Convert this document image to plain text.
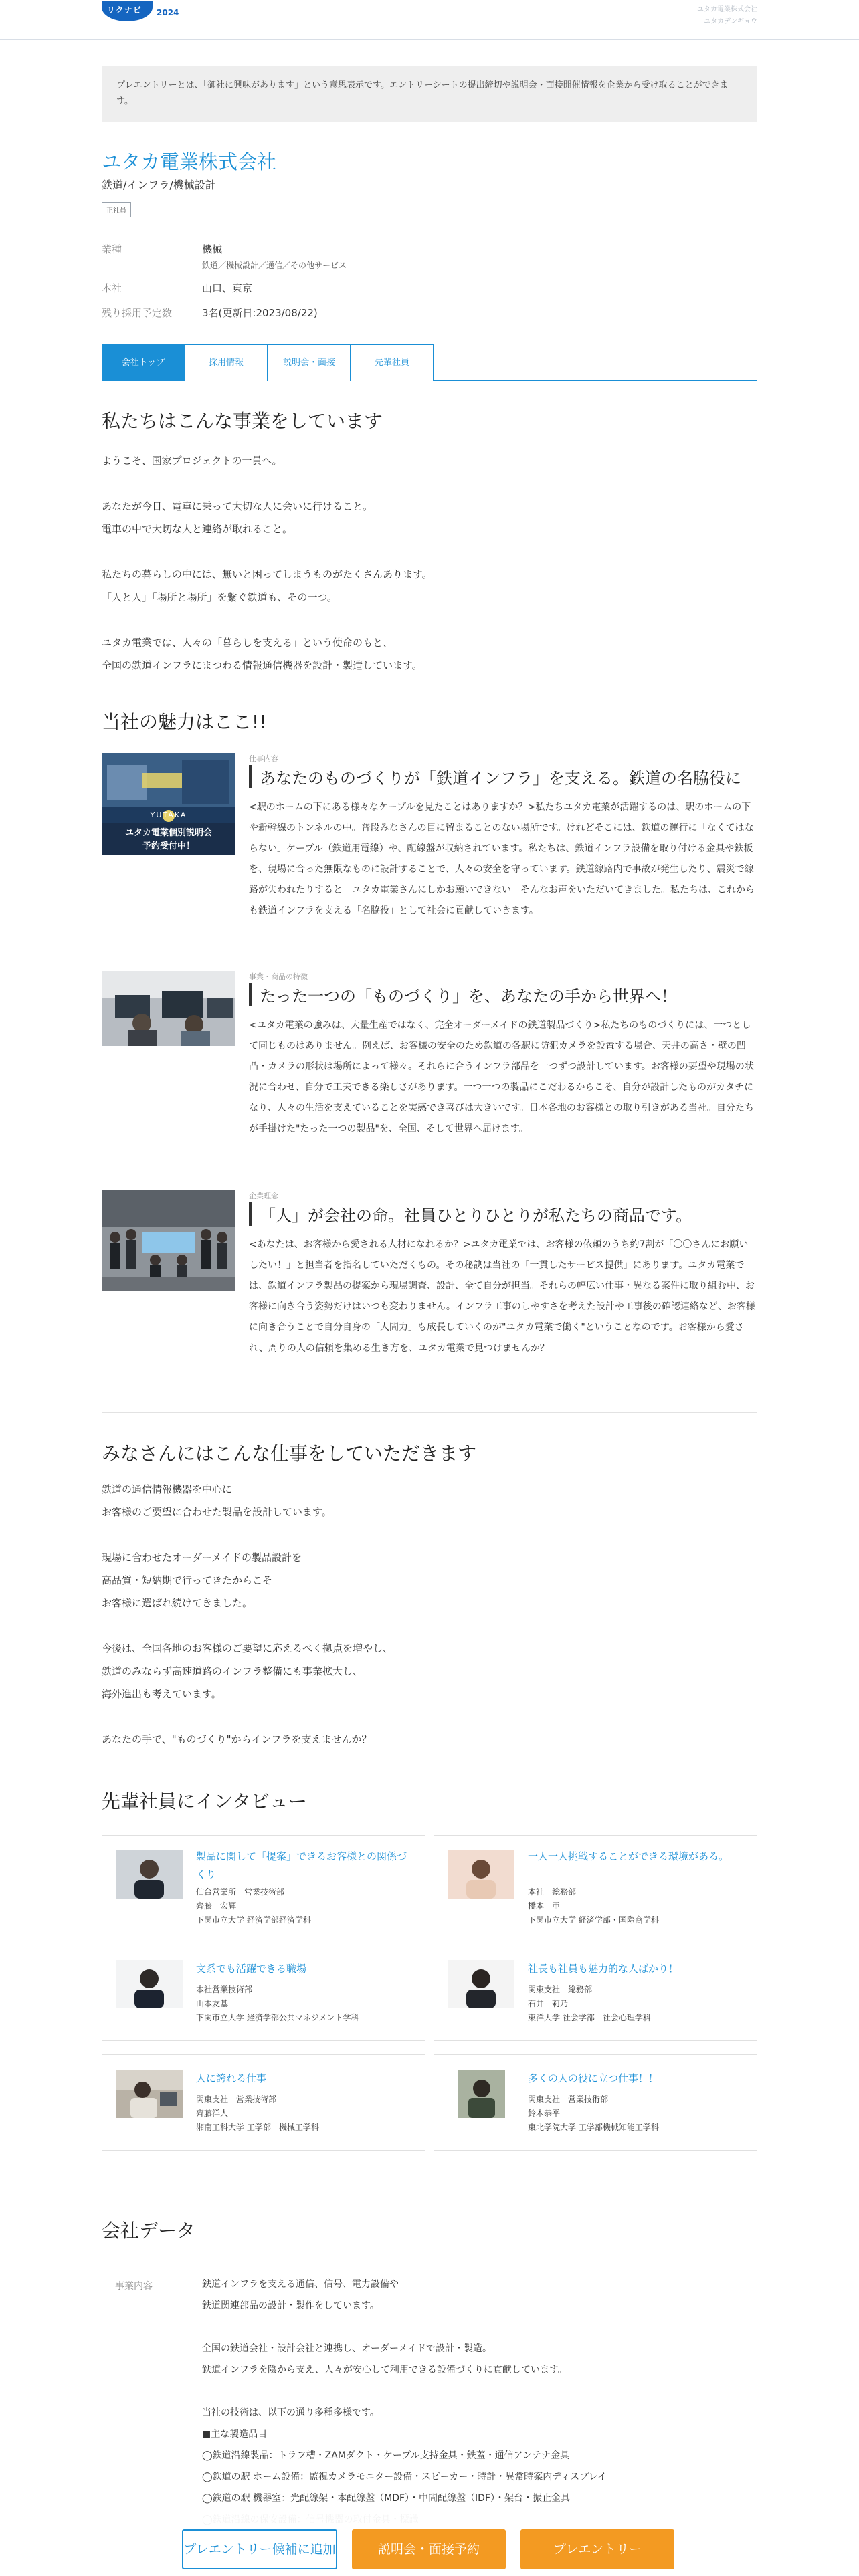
リクナビ 2024	ユタカ電業株式会社
ユタカデンギョウ
プレエントリーとは、「御社に興味があります」という意思表示です。エントリーシートの提出締切や説明会・面接開催情報を企業から受け取ることができます。
ユタカ電業株式会社
鉄道/インフラ/機械設計
正社員
業種	機械
鉄道／機械設計／通信／その他サービス
本社	山口、東京
残り採用予定数	3名(更新日:2023/08/22)
会社トップ	採用情報	説明会・面接	先輩社員
私たちはこんな事業をしています
ようこそ、国家プロジェクトの一員へ。

あなたが今日、電車に乗って大切な人に会いに行けること。
電車の中で大切な人と連絡が取れること。

私たちの暮らしの中には、無いと困ってしまうものがたくさんあります。
「人と人」「場所と場所」を繋ぐ鉄道も、その一つ。

ユタカ電業では、人々の「暮らしを支える」という使命のもと、
全国の鉄道インフラにまつわる情報通信機器を設計・製造しています。
当社の魅力はここ!!
YUTAKA
ユタカ電業個別説明会
予約受付中！
仕事内容
あなたのものづくりが「鉄道インフラ」を支える。鉄道の名脇役に
<駅のホームの下にある様々なケーブルを見たことはありますか？>私たちユタカ電業が活躍するのは、駅のホームの下や新幹線のトンネルの中。普段みなさんの目に留まることのない場所です。けれどそこには、鉄道の運行に「なくてはならない」ケーブル（鉄道用電線）や、配線盤が収納されています。私たちは、鉄道インフラ設備を取り付ける金具や鉄板を、現場に合った無限なものに設計することで、人々の安全を守っています。鉄道線路内で事故が発生したり、震災で線路が失われたりすると「ユタカ電業さんにしかお願いできない」そんなお声をいただいてきました。私たちは、これからも鉄道インフラを支える「名脇役」として社会に貢献していきます。
事業・商品の特徴
たった一つの「ものづくり」を、あなたの手から世界へ！
<ユタカ電業の強みは、大量生産ではなく、完全オーダーメイドの鉄道製品づくり>私たちのものづくりには、一つとして同じものはありません。例えば、お客様の安全のため鉄道の各駅に防犯カメラを設置する場合、天井の高さ・壁の凹凸・カメラの形状は場所によって様々。それらに合うインフラ部品を一つずつ設計しています。お客様の要望や現場の状況に合わせ、自分で工夫できる楽しさがあります。一つ一つの製品にこだわるからこそ、自分が設計したものがカタチになり、人々の生活を支えていることを実感でき喜びは大きいです。日本各地のお客様との取り引きがある当社。自分たちが手掛けた"たった一つの製品"を、全国、そして世界へ届けます。
企業理念
「人」が会社の命。社員ひとりひとりが私たちの商品です。
<あなたは、お客様から愛される人材になれるか？>ユタカ電業では、お客様の依頼のうち約7割が「〇〇さんにお願いしたい！」と担当者を指名していただくもの。その秘訣は当社の「一貫したサービス提供」にあります。ユタカ電業では、鉄道インフラ製品の提案から現場調査、設計、全て自分が担当。それらの幅広い仕事・異なる案件に取り組む中、お客様に向き合う姿勢だけはいつも変わりません。インフラ工事のしやすさを考えた設計や工事後の確認連絡など、お客様に向き合うことで自分自身の「人間力」も成長していくのが"ユタカ電業で働く"ということなのです。お客様から愛され、周りの人の信頼を集める生き方を、ユタカ電業で見つけませんか？
みなさんにはこんな仕事をしていただきます
鉄道の通信情報機器を中心に
お客様のご要望に合わせた製品を設計しています。

現場に合わせたオーダーメイドの製品設計を
高品質・短納期で行ってきたからこそ
お客様に選ばれ続けてきました。

今後は、全国各地のお客様のご要望に応えるべく拠点を増やし、
鉄道のみならず高速道路のインフラ整備にも事業拡大し、
海外進出も考えています。

あなたの手で、"ものづくり"からインフラを支えませんか？
先輩社員にインタビュー
製品に関して「提案」できるお客様との関係づくり
仙台営業所　営業技術部
齊藤　宏輝
下関市立大学 経済学部経済学科
一人一人挑戦することができる環境がある。
本社　総務部
橋本　亜
下関市立大学 経済学部・国際商学科
文系でも活躍できる職場
本社営業技術部
山本友基
下関市立大学 経済学部公共マネジメント学科
社長も社員も魅力的な人ばかり！
関東支社　総務部
石井　莉乃
東洋大学 社会学部　社会心理学科
人に誇れる仕事
関東支社　営業技術部
齊藤洋人
湘南工科大学 工学部　機械工学科
多くの人の役に立つ仕事！！
関東支社　営業技術部
鈴木恭平
東北学院大学 工学部機械知能工学科
会社データ
事業内容	鉄道インフラを支える通信、信号、電力設備や
鉄道関連部品の設計・製作をしています。

全国の鉄道会社・設計会社と連携し、オーダーメイドで設計・製造。
鉄道インフラを陰から支え、人々が安心して利用できる設備づくりに貢献しています。

当社の技術は、以下の通り多種多様です。
■主な製造品目
◯鉄道沿線製品：トラフ槽・ZAMダクト・ケーブル支持金具・鉄蓋・通信アンテナ金具
◯鉄道の駅 ホーム設備：監視カメラモニター設備・スピーカー・時計・異常時案内ディスプレイ
◯鉄道の駅 機器室：光配線架・本配線盤（MDF）・中間配線盤（IDF）・架台・振止金具

プレエントリー候補に追加	説明会・面接予約	プレエントリー
